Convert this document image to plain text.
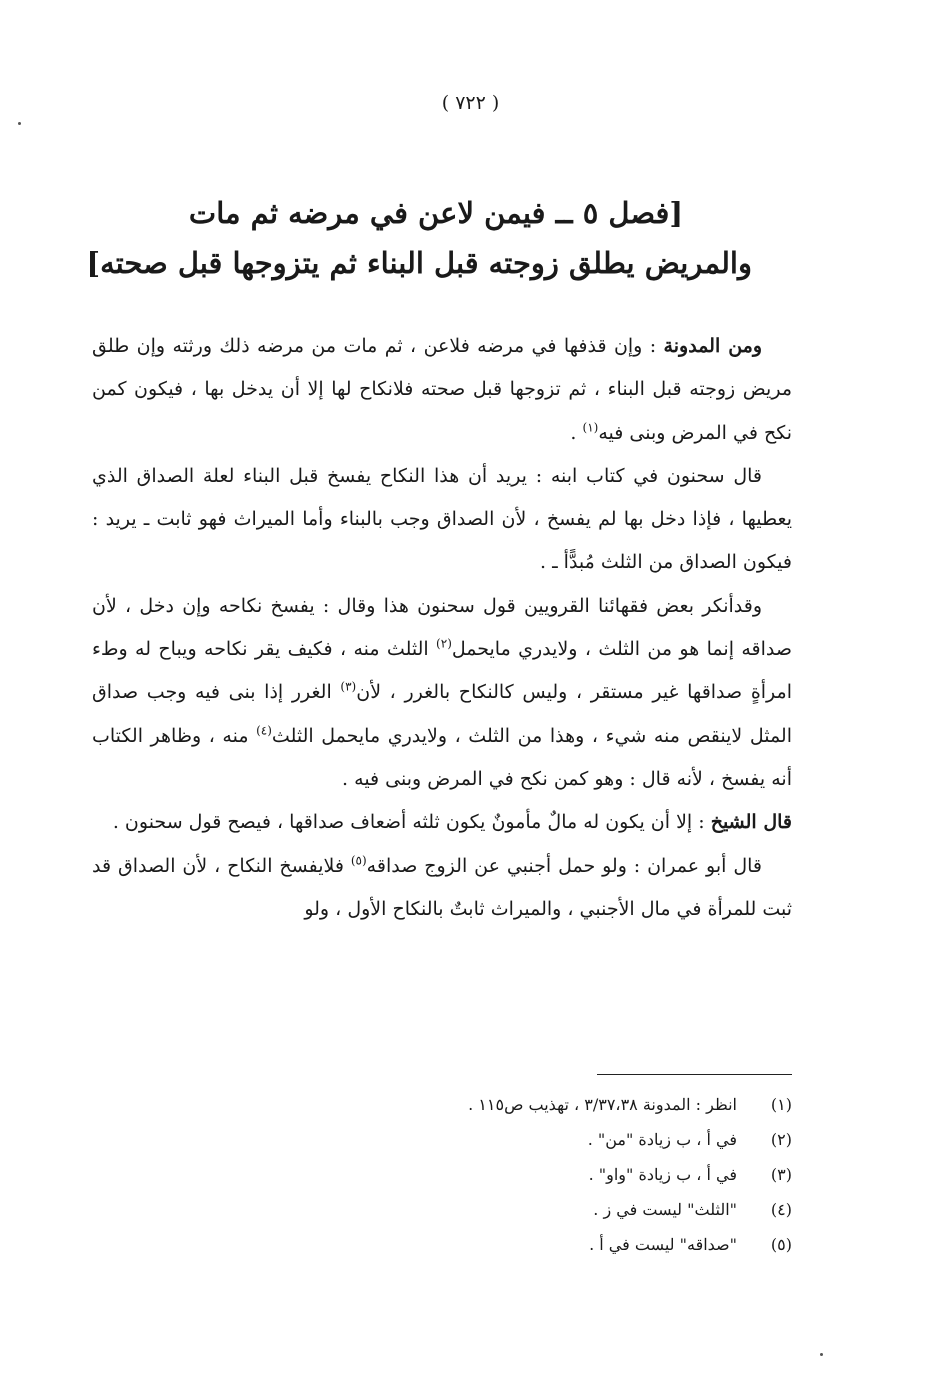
( ٧٢٢ )
[فصل ٥ ــ فيمن لاعن في مرضه ثم مات
والمريض يطلق زوجته قبل البناء ثم يتزوجها قبل صحته]

ومن المدونة : وإن قذفها في مرضه فلاعن ، ثم مات من مرضه ذلك ورثته وإن طلق مريض زوجته قبل البناء ، ثم تزوجها قبل صحته فلانكاح لها إلا أن يدخل بها ، فيكون كمن نكح في المرض وبنى فيه$^{(١)}$ .

قال سحنون في كتاب ابنه : يريد أن هذا النكاح يفسخ قبل البناء لعلة الصداق الذي يعطيها ، فإذا دخل بها لم يفسخ ، لأن الصداق وجب بالبناء وأما الميراث فهو ثابت ـ يريد : فيكون الصداق من الثلث مُبدًّأ ـ .

وقدأنكر بعض فقهائنا القرويين قول سحنون هذا وقال : يفسخ نكاحه وإن دخل ، لأن صداقه إنما هو من الثلث ، ولايدري مايحمل$^{(٢)}$ الثلث منه ، فكيف يقر نكاحه ويباح له وطء امرأةٍ صداقها غير مستقر ، وليس كالنكاح بالغرر ، لأن$^{(٣)}$ الغرر إذا بنى فيه وجب صداق المثل لاينقص منه شيء ، وهذا من الثلث ، ولايدري مايحمل الثلث$^{(٤)}$ منه ، وظاهر الكتاب أنه يفسخ ، لأنه قال : وهو كمن نكح في المرض وبنى فيه .

قال الشيخ : إلا أن يكون له مالٌ مأمونٌ يكون ثلثه أضعاف صداقها ، فيصح قول سحنون .

قال أبو عمران : ولو حمل أجنبي عن الزوج صداقه$^{(٥)}$ فلايفسخ النكاح ، لأن الصداق قد ثبت للمرأة في مال الأجنبي ، والميراث ثابتٌ بالنكاح الأول ، ولو

(١)
انظر : المدونة ٣/٣٧،٣٨ ، تهذيب ص١١٥ .
(٢)
في أ ، ب زيادة "من" .
(٣)
في أ ، ب زيادة "واو" .
(٤)
"الثلث" ليست في ز .
(٥)
"صداقه" ليست في أ .
